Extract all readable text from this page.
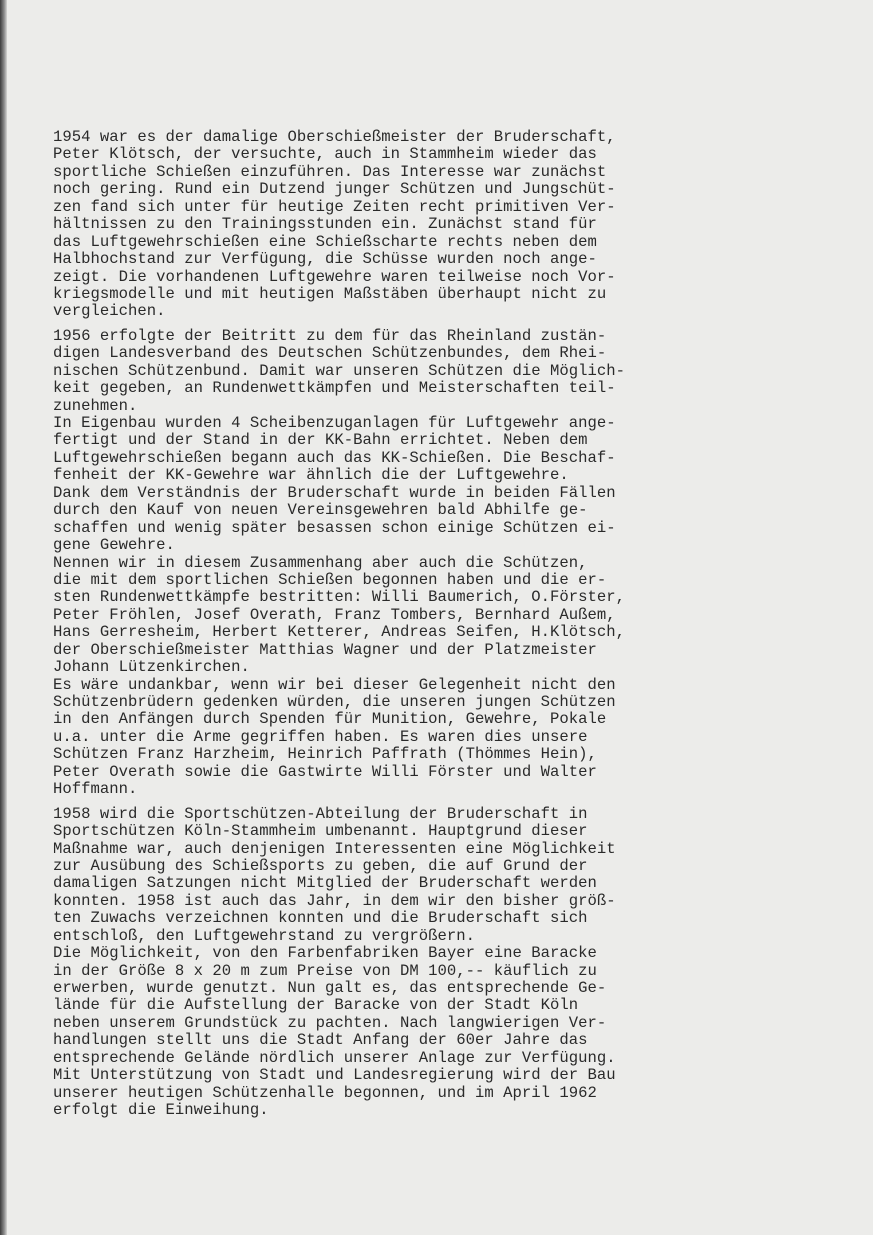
1954 war es der damalige Oberschießmeister der Bruderschaft,
Peter Klötsch, der versuchte, auch in Stammheim wieder das
sportliche Schießen einzuführen. Das Interesse war zunächst
noch gering. Rund ein Dutzend junger Schützen und Jungschüt-
zen fand sich unter für heutige Zeiten recht primitiven Ver-
hältnissen zu den Trainingsstunden ein. Zunächst stand für
das Luftgewehrschießen eine Schießscharte rechts neben dem
Halbhochstand zur Verfügung, die Schüsse wurden noch ange-
zeigt. Die vorhandenen Luftgewehre waren teilweise noch Vor-
kriegsmodelle und mit heutigen Maßstäben überhaupt nicht zu
vergleichen.
1956 erfolgte der Beitritt zu dem für das Rheinland zustän-
digen Landesverband des Deutschen Schützenbundes, dem Rhei-
nischen Schützenbund. Damit war unseren Schützen die Möglich-
keit gegeben, an Rundenwettkämpfen und Meisterschaften teil-
zunehmen.
In Eigenbau wurden 4 Scheibenzuganlagen für Luftgewehr ange-
fertigt und der Stand in der KK-Bahn errichtet. Neben dem
Luftgewehrschießen begann auch das KK-Schießen. Die Beschaf-
fenheit der KK-Gewehre war ähnlich die der Luftgewehre.
Dank dem Verständnis der Bruderschaft wurde in beiden Fällen
durch den Kauf von neuen Vereinsgewehren bald Abhilfe ge-
schaffen und wenig später besassen schon einige Schützen ei-
gene Gewehre.
Nennen wir in diesem Zusammenhang aber auch die Schützen,
die mit dem sportlichen Schießen begonnen haben und die er-
sten Rundenwettkämpfe bestritten: Willi Baumerich, O.Förster,
Peter Fröhlen, Josef Overath, Franz Tombers, Bernhard Außem,
Hans Gerresheim, Herbert Ketterer, Andreas Seifen, H.Klötsch,
der Oberschießmeister Matthias Wagner und der Platzmeister
Johann Lützenkirchen.
Es wäre undankbar, wenn wir bei dieser Gelegenheit nicht den
Schützenbrüdern gedenken würden, die unseren jungen Schützen
in den Anfängen durch Spenden für Munition, Gewehre, Pokale
u.a. unter die Arme gegriffen haben. Es waren dies unsere
Schützen Franz Harzheim, Heinrich Paffrath (Thömmes Hein),
Peter Overath sowie die Gastwirte Willi Förster und Walter
Hoffmann.
1958 wird die Sportschützen-Abteilung der Bruderschaft in
Sportschützen Köln-Stammheim umbenannt. Hauptgrund dieser
Maßnahme war, auch denjenigen Interessenten eine Möglichkeit
zur Ausübung des Schießsports zu geben, die auf Grund der
damaligen Satzungen nicht Mitglied der Bruderschaft werden
konnten. 1958 ist auch das Jahr, in dem wir den bisher größ-
ten Zuwachs verzeichnen konnten und die Bruderschaft sich
entschloß, den Luftgewehrstand zu vergrößern.
Die Möglichkeit, von den Farbenfabriken Bayer eine Baracke
in der Größe 8 x 20 m zum Preise von DM 100,-- käuflich zu
erwerben, wurde genutzt. Nun galt es, das entsprechende Ge-
lände für die Aufstellung der Baracke von der Stadt Köln
neben unserem Grundstück zu pachten. Nach langwierigen Ver-
handlungen stellt uns die Stadt Anfang der 60er Jahre das
entsprechende Gelände nördlich unserer Anlage zur Verfügung.
Mit Unterstützung von Stadt und Landesregierung wird der Bau
unserer heutigen Schützenhalle begonnen, und im April 1962
erfolgt die Einweihung.
